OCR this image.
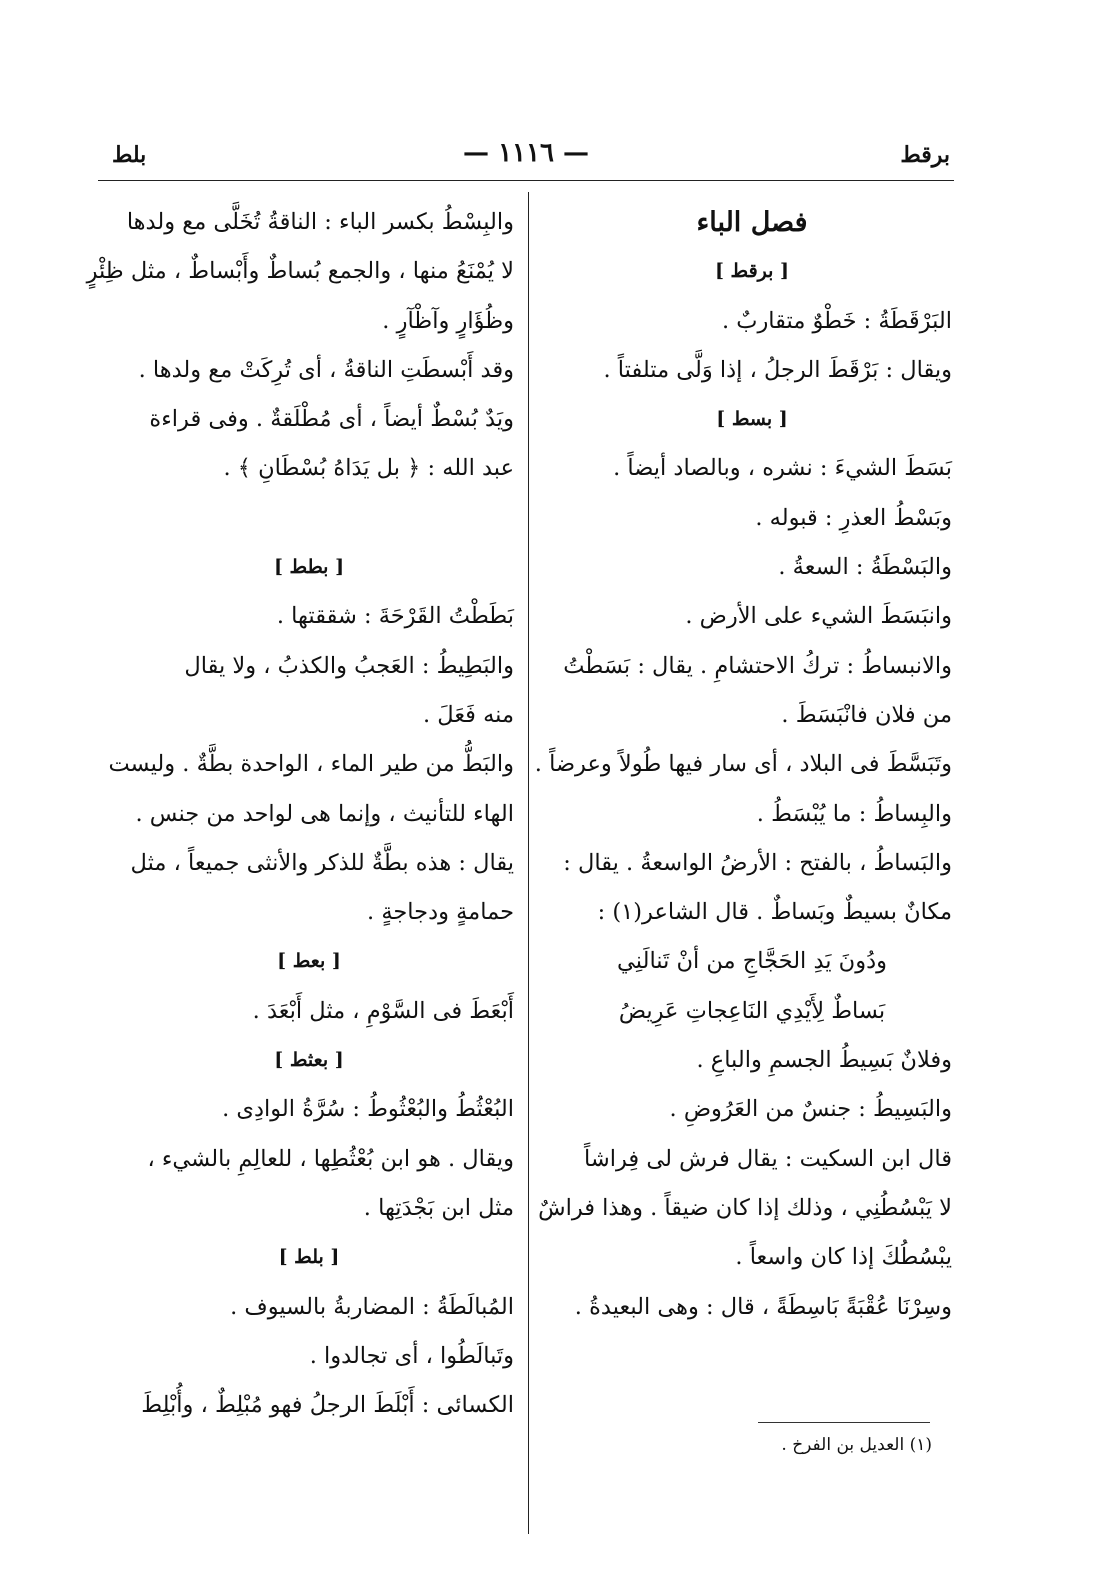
برقط
— ١١١٦ —
بلط
فصل الباء
[ برقط ]
البَرْقَطَةُ : خَطْوٌ متقاربٌ .
ويقال : بَرْقَطَ الرجلُ ، إذا وَلَّى متلفتاً .
[ بسط ]
بَسَطَ الشيءَ : نشره ، وبالصاد أيضاً .
وبَسْطُ العذرِ : قبوله .
والبَسْطَةُ : السعةُ .
وانبَسَطَ الشيء على الأرض .
والانبساطُ : تركُ الاحتشامِ . يقال : بَسَطْتُ
من فلان فانْبَسَطَ .
وتَبَسَّطَ فى البلاد ، أى سار فيها طُولاً وعرضاً .
والبِساطُ : ما يُبْسَطُ .
والبَساطُ ، بالفتح : الأرضُ الواسعةُ . يقال :
مكانٌ بسيطٌ وبَساطٌ . قال الشاعر(١) :
ودُونَ يَدِ الحَجَّاجِ من أنْ تَنالَنِي
بَساطٌ لِأَيْدِي النَاعِجاتِ عَرِيضُ
وفلانٌ بَسِيطُ الجسمِ والباعِ .
والبَسِيطُ : جنسٌ من العَرُوضِ .
قال ابن السكيت : يقال فرش لى فِراشاً
لا يَبْسُطُنِي ، وذلك إذا كان ضيقاً . وهذا فراشٌ
يبْسُطُكَ إذا كان واسعاً .
وسِرْنَا عُقْبَةً بَاسِطَةً ، قال : وهى البعيدةُ .
والبِسْطُ بكسر الباء : الناقةُ تُخَلَّى مع ولدها
لا يُمْنَعُ منها ، والجمع بُساطٌ وأَبْساطٌ ، مثل ظِئْرٍ
وظُؤَارٍ وآظْآرٍ .
وقد أَبْسطَتِ الناقةُ ، أى تُرِكَتْ مع ولدها .
ويَدٌ بُسْطٌ أيضاً ، أى مُطْلَقةٌ . وفى قراءة
عبد الله : ﴿ بل يَدَاهُ بُسْطَانِ ﴾ .
[ بطط ]
بَطَطْتُ القَرْحَةَ : شققتها .
والبَطِيطُ : العَجبُ والكذبُ ، ولا يقال
منه فَعَلَ .
والبَطُّ من طير الماء ، الواحدة بطَّةٌ . وليست
الهاء للتأنيث ، وإنما هى لواحد من جنس .
يقال : هذه بطَّةٌ للذكر والأنثى جميعاً ، مثل
حمامةٍ ودجاجةٍ .
[ بعط ]
أَبْعَطَ فى السَّوْمِ ، مثل أَبْعَدَ .
[ بعثط ]
البُعْثُطُ والبُعْثُوطُ : سُرَّةُ الوادِى .
ويقال . هو ابن بُعْثُطِها ، للعالِمِ بالشيء ،
مثل ابن بَجْدَتِها .
[ بلط ]
المُبالَطَةُ : المضاربةُ بالسيوف .
وتَبالَطُوا ، أى تجالدوا .
الكسائى : أَبْلَطَ الرجلُ فهو مُبْلِطٌ ، وأُبْلِطَ
(١) العديل بن الفرخ .
